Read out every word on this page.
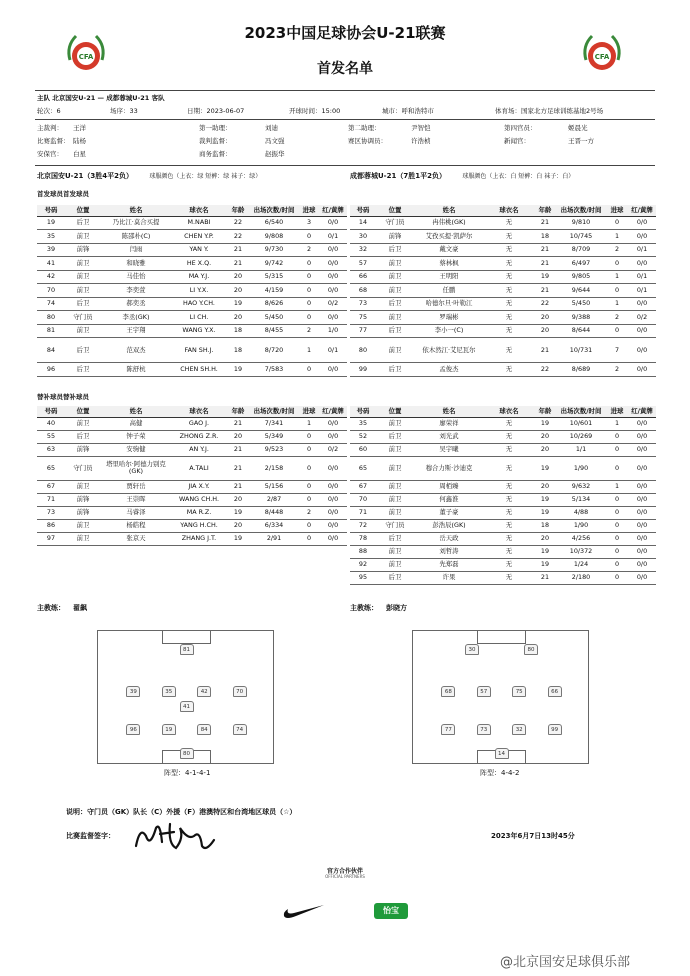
CFA	CFA
2023中国足球协会U-21联赛
首发名单
主队 北京国安U-21 — 成都蓉城U-21 客队
轮次：6	场序：33	日期：2023-06-07	开球时间：15:00	城市：呼和浩特市	体育场：国家北方足球训练基地2号场
主裁判： 王洋	第一助理：	刘迪	第二助理：	尹智恺	第四官员：	姬晨光
比赛监督： 陆杨	裁判监督：	冯文强	赛区协调员：	许浩桢	新闻官：	王晋一方
安保官： 白星	商务监督：	赵振华
北京国安U-21（3胜4平2负）	球服颜色（上衣：绿 短裤：绿 袜子：绿）	成都蓉城U-21（7胜1平2负）	球服颜色（上衣：白 短裤：白 袜子：白）
首发球员首发球员
号码	位置	姓名	球衣名	年龄	出场次数/时间	进球	红/黄牌
19	后卫	乃比江·莫合买提	M.NABI	22	6/540	3	0/0
35	前卫	陈邵朴(C)	CHEN Y.P.	22	9/808	0	0/1
39	前锋	闫雨	YAN Y.	21	9/730	2	0/0
41	前卫	和晓雅	HE X.Q.	21	9/742	0	0/0
42	前卫	马佳怡	MA Y.J.	20	5/315	0	0/0
70	前卫	李奕萱	LI Y.X.	20	4/159	0	0/0
74	后卫	郝奕丞	HAO Y.CH.	19	8/626	0	0/2
80	守门员	李丞(GK)	LI CH.	20	5/450	0	0/0
81	前卫	王宇翔	WANG Y.X.	18	8/455	2	1/0
84	后卫	范双杰	FAN SH.J.	18	8/720	1	0/1
96	后卫	陈舒杭	CHEN SH.H.	19	7/583	0	0/0
号码	位置	姓名	球衣名	年龄	出场次数/时间	进球	红/黄牌
14	守门员	冉伟桃(GK)	无	21	9/810	0	0/0
30	前锋	艾孜买提·凯萨尔	无	18	10/745	1	0/0
32	后卫	戴文豪	无	21	8/709	2	0/1
57	前卫	蔡林枫	无	21	6/497	0	0/0
66	前卫	王明阳	无	19	9/805	1	0/1
68	前卫	任鹏	无	21	9/644	0	0/1
73	后卫	哈德尔旦·叶勒江	无	22	5/450	1	0/0
75	前卫	罗瑞彬	无	20	9/388	2	0/2
77	后卫	李小一(C)	无	20	8/644	0	0/0
80	前卫	依木然江·艾尼瓦尔	无	21	10/731	7	0/0
99	后卫	孟俊杰	无	22	8/689	2	0/0
替补球员替补球员
号码	位置	姓名	球衣名	年龄	出场次数/时间	进球	红/黄牌
40	前卫	高健	GAO J.	21	7/341	1	0/0
55	后卫	钟子荣	ZHONG Z.R.	20	5/349	0	0/0
63	前锋	安驹健	AN Y.J.	21	9/523	0	0/2
65	守门员	塔里哈尔·阿德力别克(GK)	A.TALI	21	2/158	0	0/0
67	前卫	贾轩岳	JIA X.Y.	21	5/156	0	0/0
71	前锋	王崇晖	WANG CH.H.	20	2/87	0	0/0
73	前锋	马睿泽	MA R.Z.	19	8/448	2	0/0
86	前卫	杨皓程	YANG H.CH.	20	6/334	0	0/0
97	前卫	张京天	ZHANG J.T.	19	2/91	0	0/0
号码	位置	姓名	球衣名	年龄	出场次数/时间	进球	红/黄牌
35	前卫	廖荣祥	无	19	10/601	1	0/0
52	后卫	刘光武	无	20	10/269	0	0/0
60	前卫	吴宇曦	无	20	1/1	0	0/0
65	前卫	穆合力斯·沙迪克	无	19	1/90	0	0/0
67	前卫	周栢臻	无	20	9/632	1	0/0
70	前卫	何鑫淮	无	19	5/134	0	0/0
71	前卫	董子豪	无	19	4/88	0	0/0
72	守门员	彭浩辰(GK)	无	18	1/90	0	0/0
78	后卫	岳天政	无	20	4/256	0	0/0
88	前卫	刘哲涛	无	19	10/372	0	0/0
92	前卫	先郑磊	无	19	1/24	0	0/0
95	后卫	许果	无	21	2/180	0	0/0
主教练： 翟飙	主教练： 彭晓方
81
39	35	42	70
41
96	19	84	74
80
30	80
68	57	75	66
77	73	32	99
14
阵型：4-1-4-1	阵型：4-4-2
说明：守门员（GK）队长（C）外援（F）港澳特区和台湾地区球员（☆）
比赛监督签字：	2023年6月7日13时45分
官方合作伙伴
OFFICIAL PARTNERS
怡宝
@北京国安足球俱乐部
